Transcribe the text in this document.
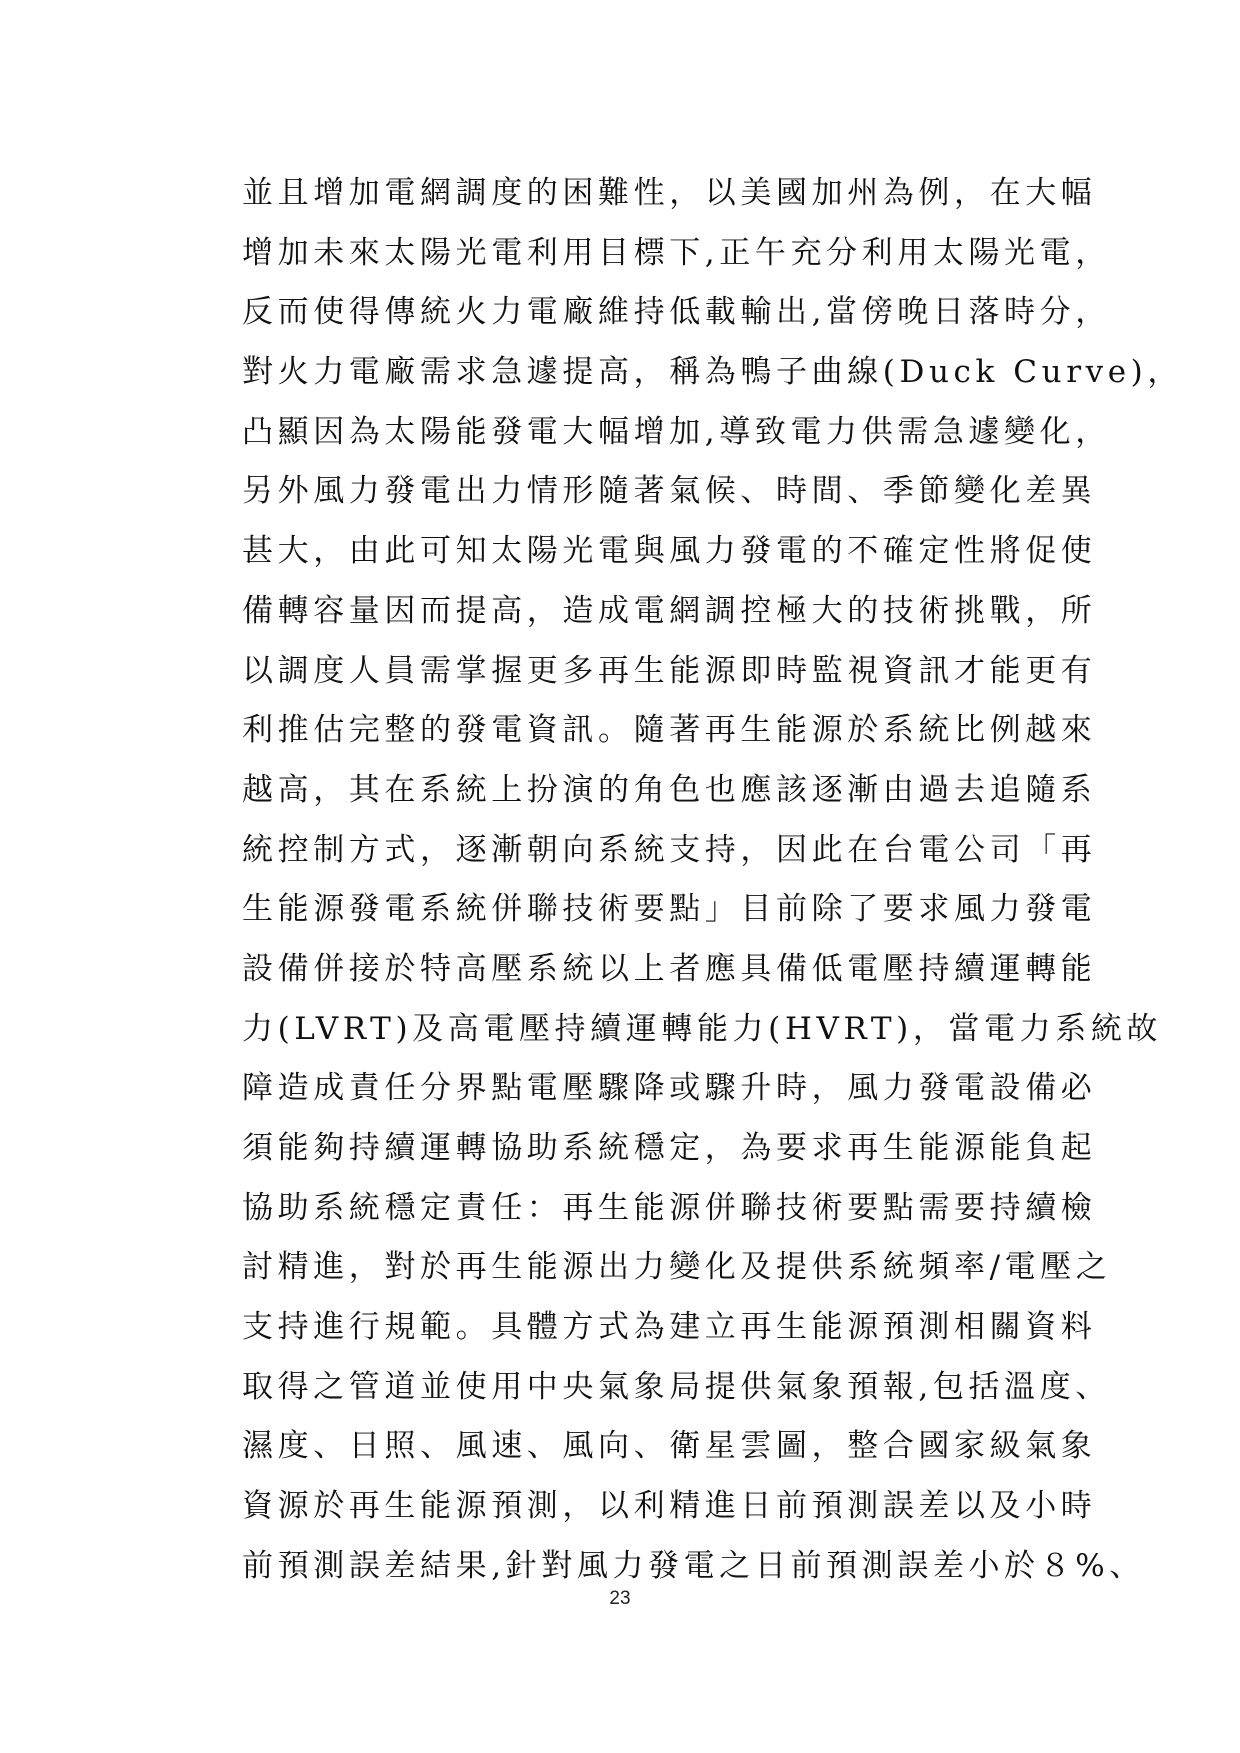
並且增加電網調度的困難性，以美國加州為例，在大幅
增加未來太陽光電利用目標下,正午充分利用太陽光電，
反而使得傳統火力電廠維持低載輸出,當傍晚日落時分，
對火力電廠需求急遽提高，稱為鴨子曲線(Duck Curve)，
凸顯因為太陽能發電大幅增加,導致電力供需急遽變化，
另外風力發電出力情形隨著氣候、時間、季節變化差異
甚大，由此可知太陽光電與風力發電的不確定性將促使
備轉容量因而提高，造成電網調控極大的技術挑戰，所
以調度人員需掌握更多再生能源即時監視資訊才能更有
利推估完整的發電資訊。隨著再生能源於系統比例越來
越高，其在系統上扮演的角色也應該逐漸由過去追隨系
統控制方式，逐漸朝向系統支持，因此在台電公司「再
生能源發電系統併聯技術要點」目前除了要求風力發電
設備併接於特高壓系統以上者應具備低電壓持續運轉能
力(LVRT)及高電壓持續運轉能力(HVRT)，當電力系統故
障造成責任分界點電壓驟降或驟升時，風力發電設備必
須能夠持續運轉協助系統穩定，為要求再生能源能負起
協助系統穩定責任：再生能源併聯技術要點需要持續檢
討精進，對於再生能源出力變化及提供系統頻率/電壓之
支持進行規範。具體方式為建立再生能源預測相關資料
取得之管道並使用中央氣象局提供氣象預報,包括溫度、
濕度、日照、風速、風向、衛星雲圖，整合國家級氣象
資源於再生能源預測，以利精進日前預測誤差以及小時
前預測誤差結果,針對風力發電之日前預測誤差小於８%、
23
